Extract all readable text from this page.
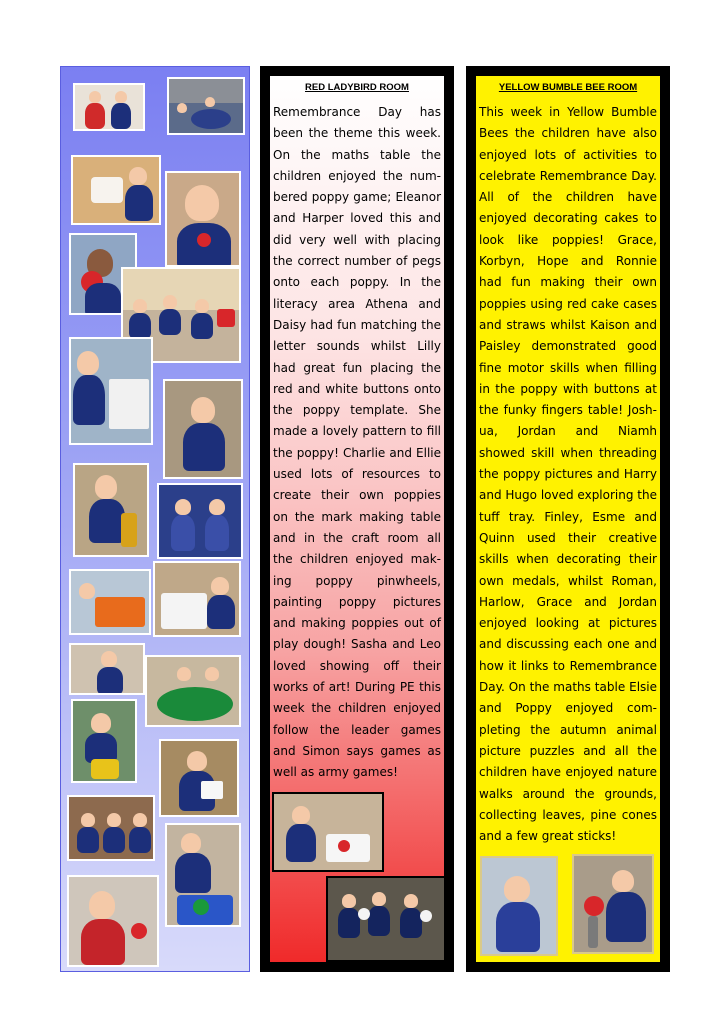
RED LADYBIRD ROOM
Remembrance Day has been the theme this week. On the maths table the children enjoyed the num-bered poppy game; Eleanor and Harper loved this and did very well with placing the correct number of pegs onto each poppy. In the literacy area Athena and Daisy had fun matching the letter sounds whilst Lilly had great fun placing the red and white buttons onto the poppy template. She made a lovely pattern to fill the poppy! Charlie and Ellie used lots of resources to create their own poppies on the mark making table and in the craft room all the children enjoyed mak-ing poppy pinwheels, painting poppy pictures and making poppies out of play dough! Sasha and Leo loved showing off their works of art! During PE this week the children enjoyed follow the leader games and Simon says games as well as army games!
YELLOW BUMBLE BEE ROOM
This week in Yellow Bumble Bees the children have also enjoyed lots of activities to celebrate Remembrance Day. All of the children have enjoyed decorating cakes to look like poppies! Grace, Korbyn, Hope and Ronnie had fun making their own poppies using red cake cases and straws whilst Kaison and Paisley demonstrated good fine motor skills when filling in the poppy with buttons at the funky fingers table! Josh-ua, Jordan and Niamh showed skill when threading the poppy pictures and Harry and Hugo loved exploring the tuff tray. Finley, Esme and Quinn used their creative skills when decorating their own medals, whilst Roman, Harlow, Grace and Jordan enjoyed looking at pictures and discussing each one and how it links to Remembrance Day. On the maths table Elsie and Poppy enjoyed com-pleting the autumn animal picture puzzles and all the children have enjoyed nature walks around the grounds, collecting leaves, pine cones and a few great sticks!
